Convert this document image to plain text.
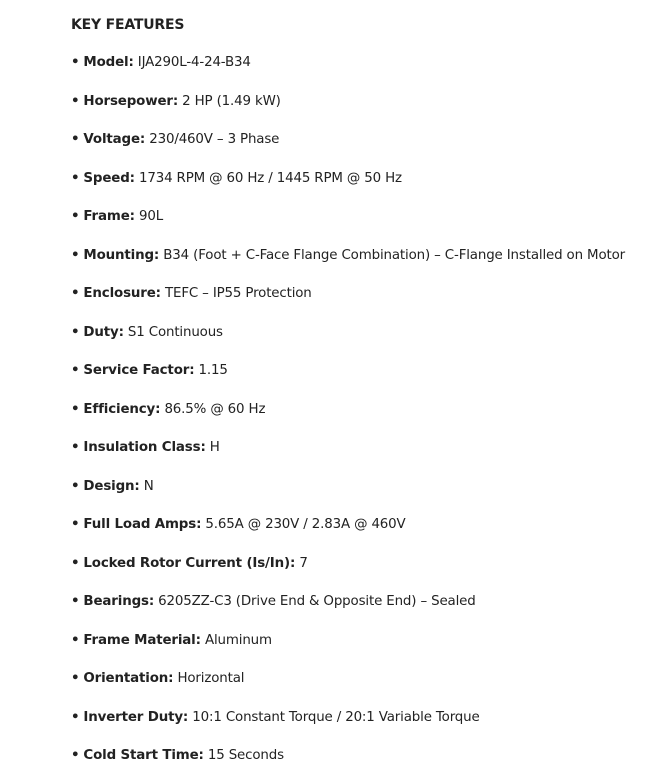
KEY FEATURES
• Model: IJA290L-4-24-B34
• Horsepower: 2 HP (1.49 kW)
• Voltage: 230/460V – 3 Phase
• Speed: 1734 RPM @ 60 Hz / 1445 RPM @ 50 Hz
• Frame: 90L
• Mounting: B34 (Foot + C-Face Flange Combination) – C-Flange Installed on Motor
• Enclosure: TEFC – IP55 Protection
• Duty: S1 Continuous
• Service Factor: 1.15
• Efficiency: 86.5% @ 60 Hz
• Insulation Class: H
• Design: N
• Full Load Amps: 5.65A @ 230V / 2.83A @ 460V
• Locked Rotor Current (Is/In): 7
• Bearings: 6205ZZ-C3 (Drive End & Opposite End) – Sealed
• Frame Material: Aluminum
• Orientation: Horizontal
• Inverter Duty: 10:1 Constant Torque / 20:1 Variable Torque
• Cold Start Time: 15 Seconds
